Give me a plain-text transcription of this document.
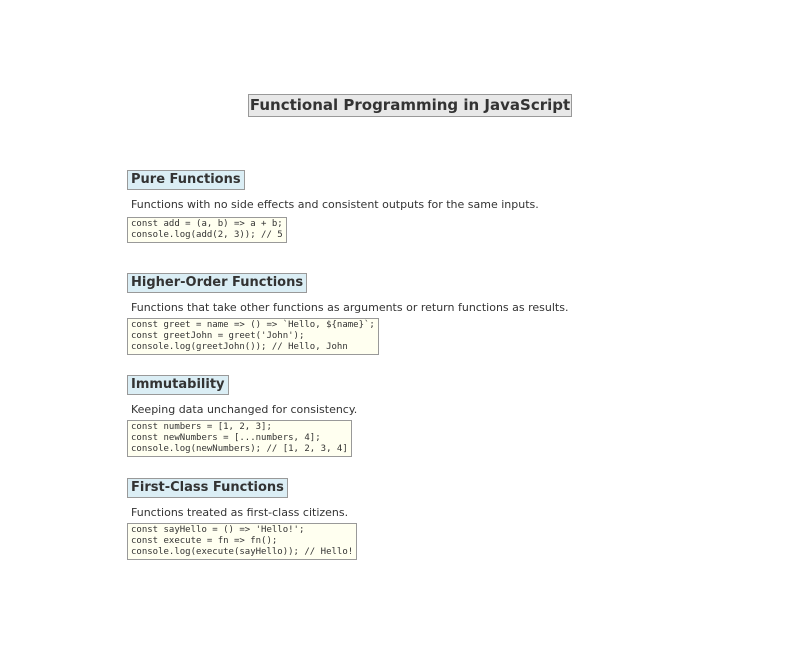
Functional Programming in JavaScript
Pure Functions
Functions with no side effects and consistent outputs for the same inputs.
const add = (a, b) => a + b;
console.log(add(2, 3)); // 5
Higher-Order Functions
Functions that take other functions as arguments or return functions as results.
const greet = name => () => `Hello, ${name}`;
const greetJohn = greet('John');
console.log(greetJohn()); // Hello, John
Immutability
Keeping data unchanged for consistency.
const numbers = [1, 2, 3];
const newNumbers = [...numbers, 4];
console.log(newNumbers); // [1, 2, 3, 4]
First-Class Functions
Functions treated as first-class citizens.
const sayHello = () => 'Hello!';
const execute = fn => fn();
console.log(execute(sayHello)); // Hello!
